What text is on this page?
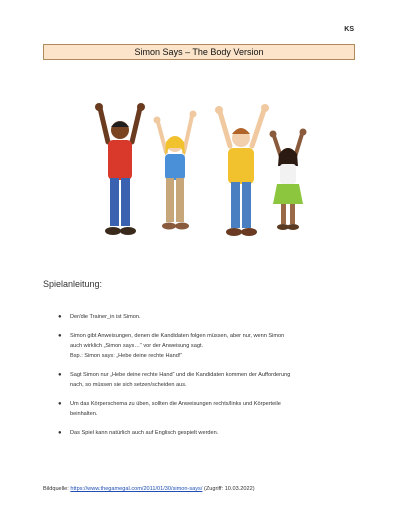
KS
Simon Says – The Body Version
Spielanleitung:
● Der/die Trainer_in ist Simon.
● Simon gibt Anweisungen, denen die Kandidaten folgen müssen, aber nur, wenn Simon
auch wirklich „Simon says…“ vor der Anweisung sagt.
Bsp.: Simon says: „Hebe deine rechte Hand!“
● Sagt Simon nur „Hebe deine rechte Hand“ und die Kandidaten kommen der Aufforderung
nach, so müssen sie sich setzen/scheiden aus.
● Um das Körperschema zu üben, sollten die Anweisungen rechts/links und Körperteile
beinhalten.
● Das Spiel kann natürlich auch auf Englisch gespielt werden.
Bildquelle: https://www.thegamegal.com/2011/01/30/simon-says/ (Zugriff: 10.03.2022)
